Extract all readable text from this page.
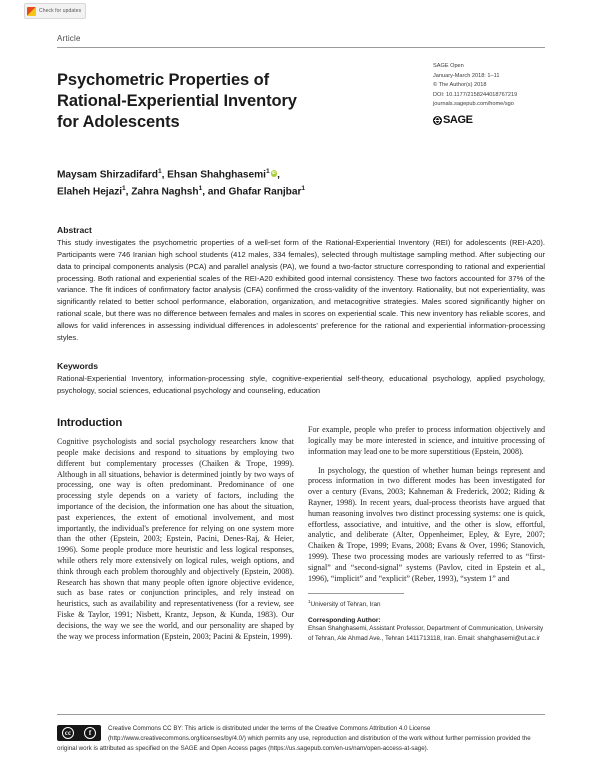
Check for updates
Article
Psychometric Properties of
Rational-Experiential Inventory
for Adolescents
SAGE Open
January-March 2018: 1–11
© The Author(s) 2018
DOI: 10.1177/2158244018767219
journals.sagepub.com/home/sgo
SAGE
Maysam Shirzadifard$^1$, Ehsan Shahghasemi$^1$ iD ,
Elaheh Hejazi$^1$, Zahra Naghsh$^1$, and Ghafar Ranjbar$^1$
Abstract
This study investigates the psychometric properties of a well-set form of the Rational-Experiential Inventory (REI) for adolescents (REI-A20). Participants were 746 Iranian high school students (412 males, 334 females), selected through multistage sampling method. After subjecting our data to principal components analysis (PCA) and parallel analysis (PA), we found a two-factor structure corresponding to rational and experiential processing. Both rational and experiential scales of the REI-A20 exhibited good internal consistency. These two factors accounted for 37% of the variance. The fit indices of confirmatory factor analysis (CFA) confirmed the cross-validity of the inventory. Rationality, but not experientiality, was significantly related to better school performance, elaboration, organization, and metacognitive strategies. Males scored significantly higher on rational scale, but there was no difference between females and males in scores on experiential scale. This new inventory has reliable scores, and allows for valid inferences in assessing individual differences in adolescents' preference for the rational and experiential information-processing styles.
Keywords
Rational-Experiential Inventory, information-processing style, cognitive-experiential self-theory, educational psychology, applied psychology, psychology, social sciences, educational psychology and counseling, education
Introduction

Cognitive psychologists and social psychology researchers know that people make decisions and respond to situations by employing two different but complementary processes (Chaiken & Trope, 1999). Although in all situations, behavior is determined jointly by two ways of processing, one way is often predominant. Predominance of one processing style depends on a variety of factors, including the importance of the decision, the information one has about the situation, past experiences, the extent of emotional involvement, and most importantly, the individual's preference for relying on one system more than the other (Epstein, 2003; Epstein, Pacini, Denes-Raj, & Heier, 1996). Some people produce more heuristic and less logical responses, while others rely more extensively on logical rules, weigh options, and think through each problem thoroughly and objectively (Epstein, 2008). Research has shown that many people often ignore objective evidence, such as base rates or conjunction principles, and rely instead on heuristics, such as availability and representativeness (for a review, see Fiske & Taylor, 1991; Nisbett, Krantz, Jepson, & Kunda, 1983). Our decisions, the way we see the world, and our personality are shaped by the way we process information (Epstein, 2003; Pacini & Epstein, 1999).

For example, people who prefer to process information objectively and logically may be more interested in science, and intuitive processing of information may lead one to be more superstitious (Epstein, 2008).

In psychology, the question of whether human beings represent and process information in two different modes has been investigated for over a century (Evans, 2003; Kahneman & Frederick, 2002; Riding & Rayner, 1998). In recent years, dual-process theorists have argued that human reasoning involves two distinct processing systems: one is quick, effortless, associative, and intuitive, and the other is slow, effortful, analytic, and deliberate (Alter, Oppenheimer, Epley, & Eyre, 2007; Chaiken & Trope, 1999; Evans, 2008; Evans & Over, 1996; Stanovich, 1999). These two processing modes are variously referred to as “first-signal” and “second-signal” systems (Pavlov, cited in Epstein et al., 1996), “implicit” and “explicit” (Reber, 1993), “system 1” and

$^1$University of Tehran, Iran
Corresponding Author:
Ehsan Shahghasemi, Assistant Professor, Department of Communication, University of Tehran, Ale Ahmad Ave., Tehran 1411713118, Iran. Email: shahghasemi@ut.ac.ir
cc	f
Creative Commons CC BY: This article is distributed under the terms of the Creative Commons Attribution 4.0 License (http://www.creativecommons.org/licenses/by/4.0/) which permits any use, reproduction and distribution of the work without further permission provided the original work is attributed as specified on the SAGE and Open Access pages (https://us.sagepub.com/en-us/nam/open-access-at-sage).
